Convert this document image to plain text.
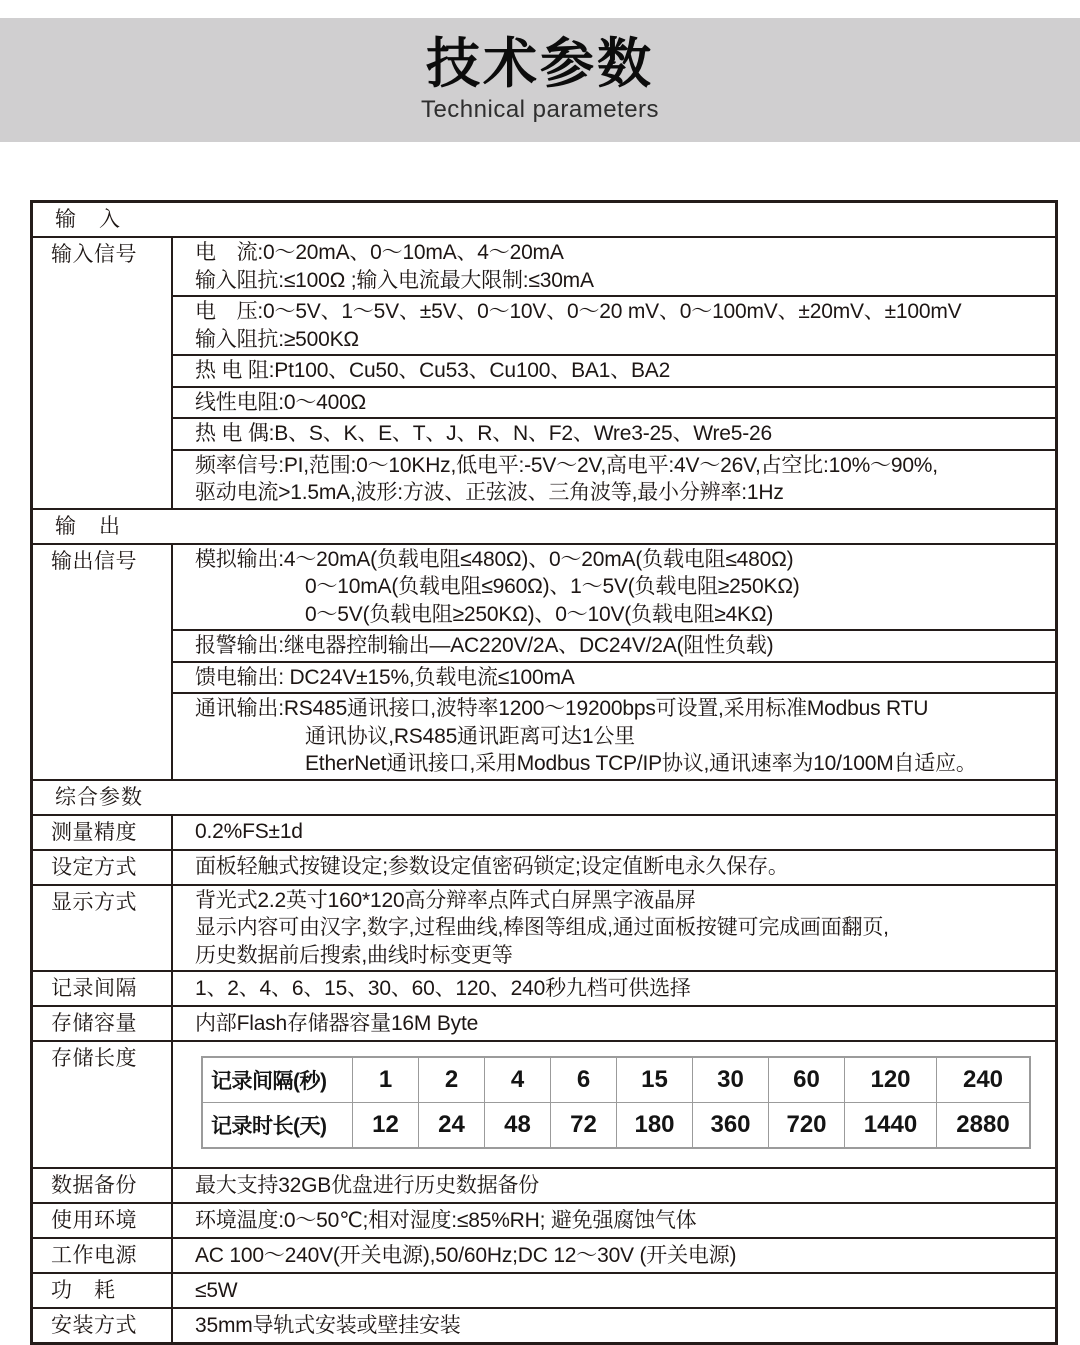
技术参数
Technical parameters
输　入
输入信号	电　流:0～20mA、0～10mA、4～20mA
输入阻抗:≤100Ω ;输入电流最大限制:≤30mA
电　压:0～5V、1～5V、±5V、0～10V、0～20 mV、0～100mV、±20mV、±100mV
输入阻抗:≥500KΩ
热 电 阻:Pt100、Cu50、Cu53、Cu100、BA1、BA2
线性电阻:0～400Ω
热 电 偶:B、S、K、E、T、J、R、N、F2、Wre3-25、Wre5-26
频率信号:PI,范围:0～10KHz,低电平:-5V～2V,高电平:4V～26V,占空比:10%～90%,
驱动电流>1.5mA,波形:方波、正弦波、三角波等,最小分辨率:1Hz
输　出
输出信号	模拟输出:4～20mA(负载电阻≤480Ω)、0～20mA(负载电阻≤480Ω)
0～10mA(负载电阻≤960Ω)、1～5V(负载电阻≥250KΩ)
0～5V(负载电阻≥250KΩ)、0～10V(负载电阻≥4KΩ)
报警输出:继电器控制输出—AC220V/2A、DC24V/2A(阻性负载)
馈电输出: DC24V±15%,负载电流≤100mA
通讯输出:RS485通讯接口,波特率1200～19200bps可设置,采用标准Modbus RTU
通讯协议,RS485通讯距离可达1公里
EtherNet通讯接口,采用Modbus TCP/IP协议,通讯速率为10/100M自适应。
综合参数
测量精度	0.2%FS±1d
设定方式	面板轻触式按键设定;参数设定值密码锁定;设定值断电永久保存。
显示方式	背光式2.2英寸160*120高分辩率点阵式白屏黑字液晶屏
显示内容可由汉字,数字,过程曲线,棒图等组成,通过面板按键可完成画面翻页,
历史数据前后搜索,曲线时标变更等
记录间隔	1、2、4、6、15、30、60、120、240秒九档可供选择
存储容量	内部Flash存储器容量16M Byte
存储长度
记录间隔(秒)	1	2	4	6	15	30	60	120	240
记录时长(天)	12	24	48	72	180	360	720	1440	2880
数据备份	最大支持32GB优盘进行历史数据备份
使用环境	环境温度:0～50℃;相对湿度:≤85%RH; 避免强腐蚀气体
工作电源	AC 100～240V(开关电源),50/60Hz;DC 12～30V (开关电源)
功　耗	≤5W
安装方式	35mm导轨式安装或壁挂安装
